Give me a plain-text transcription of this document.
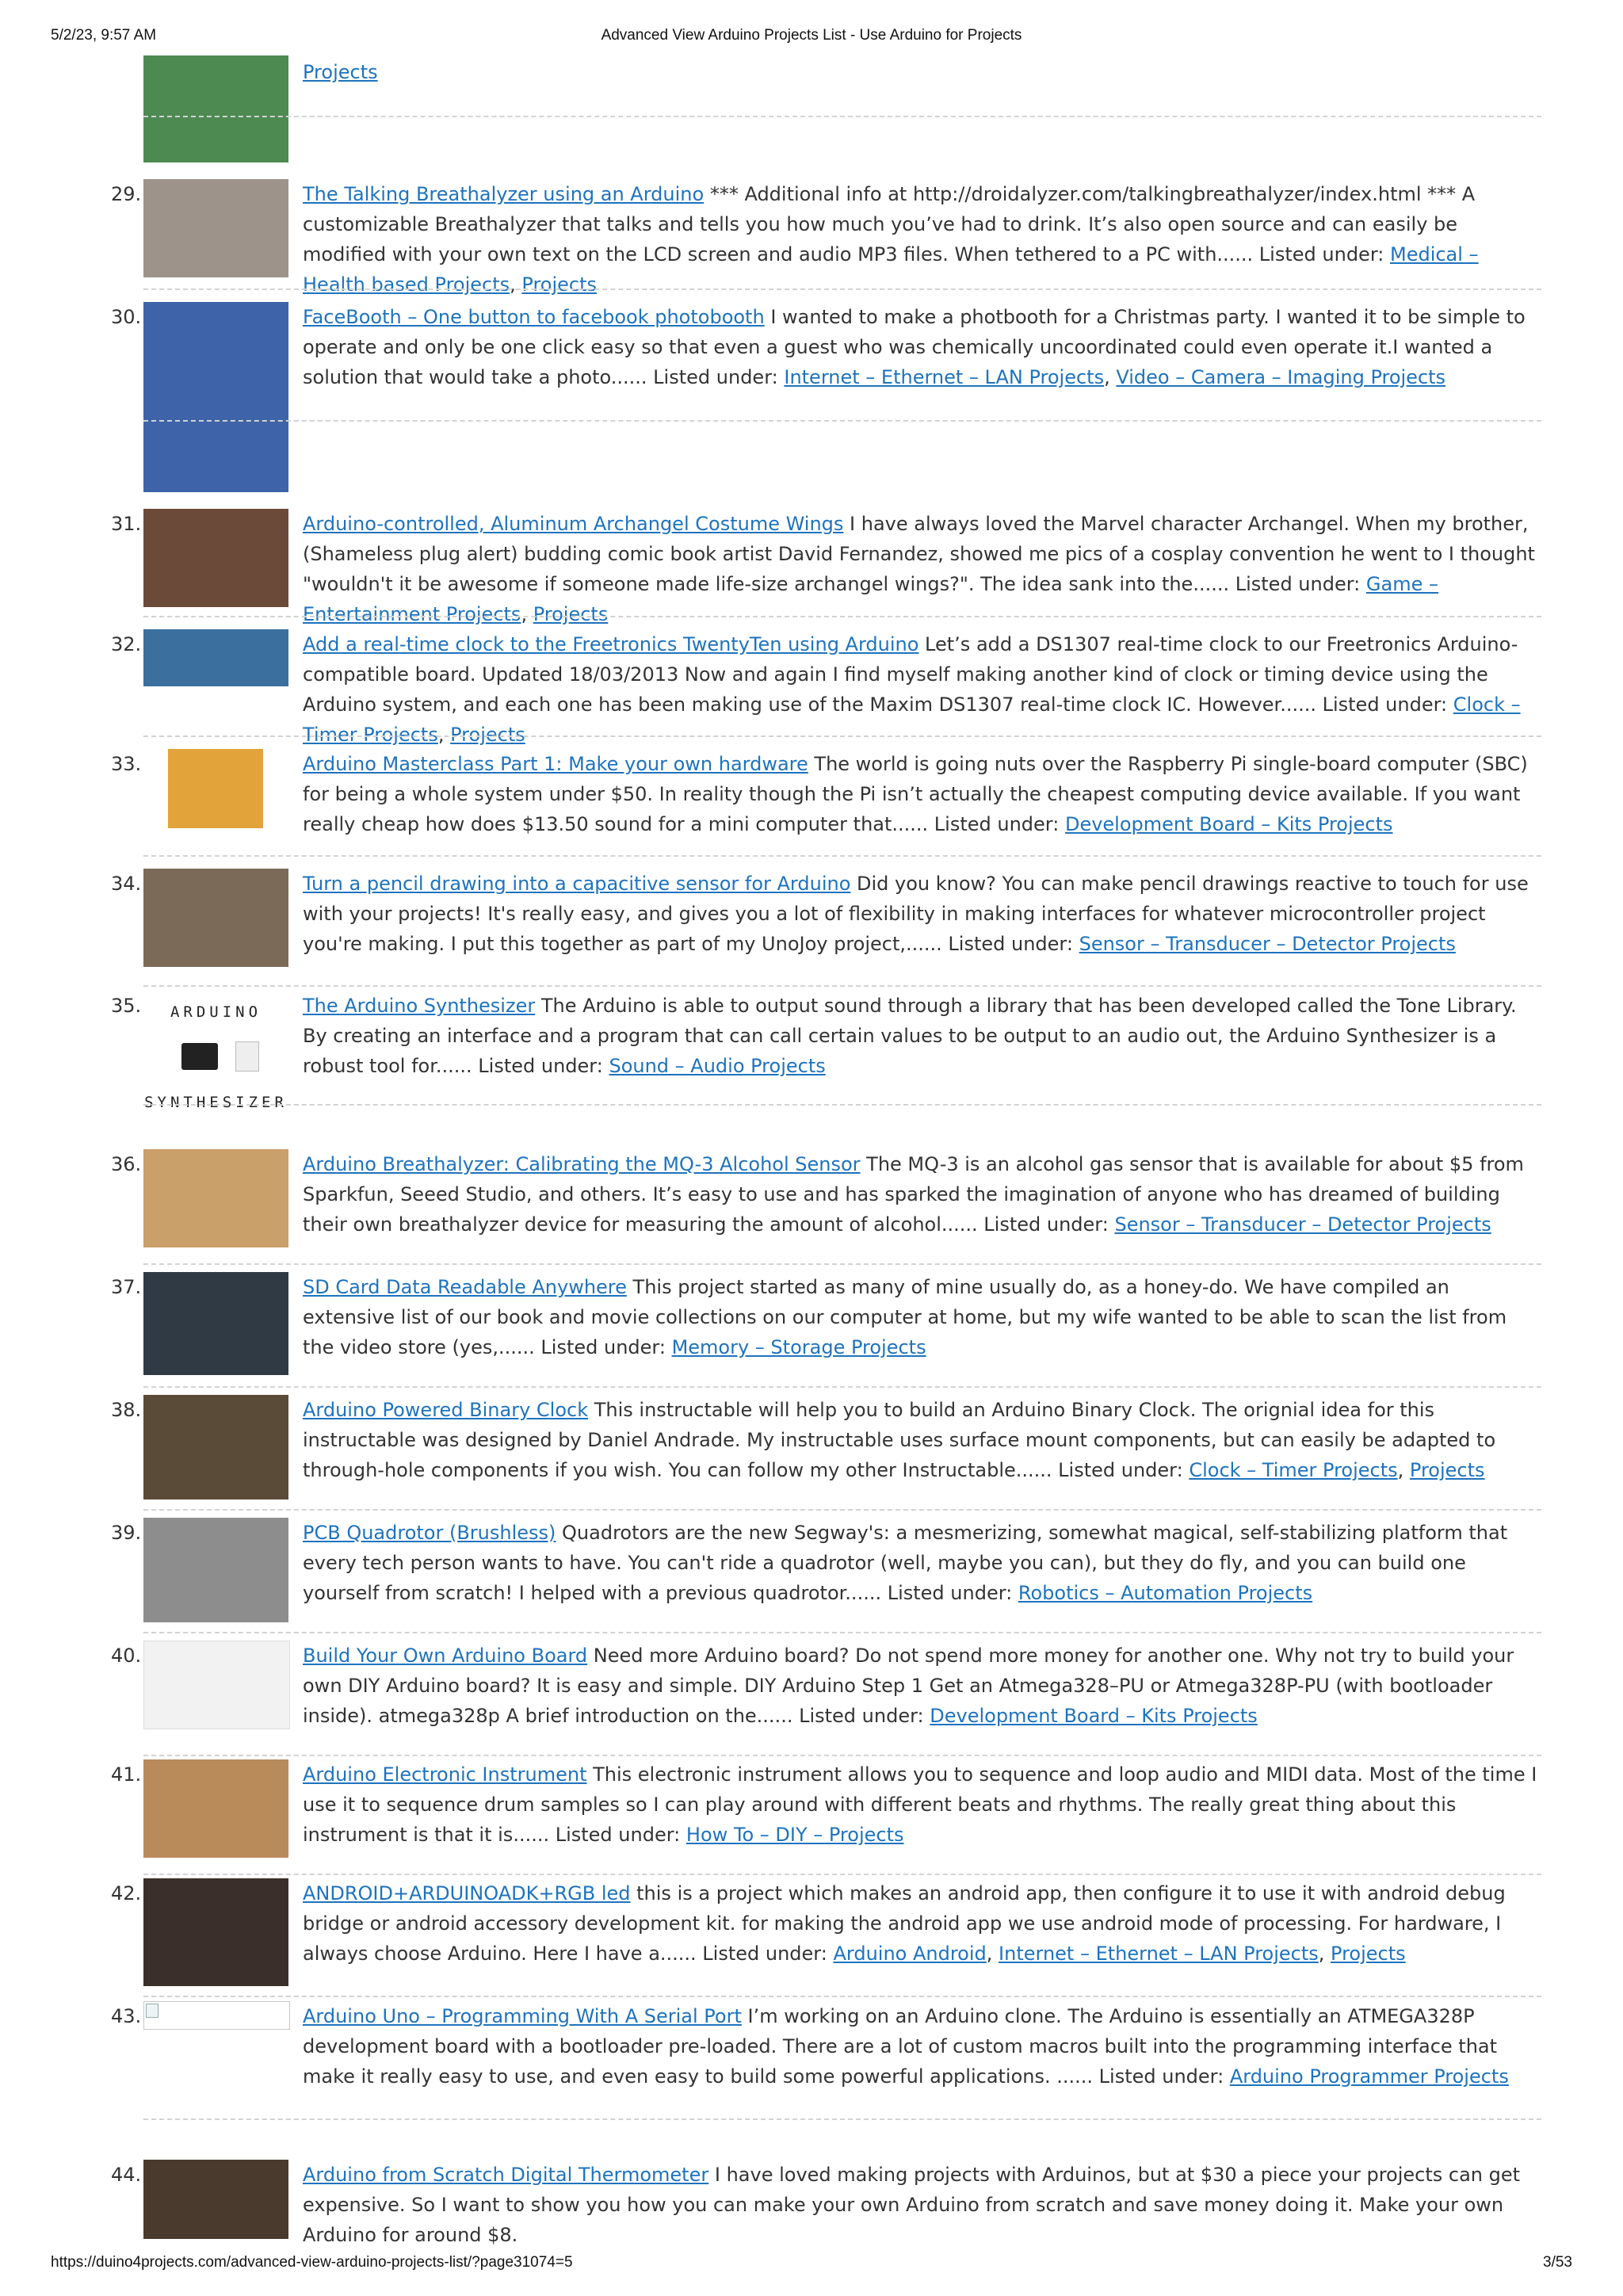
5/2/23, 9:57 AM	Advanced View Arduino Projects List - Use Arduino for Projects
Projects
29.	The Talking Breathalyzer using an Arduino *** Additional info at http://droidalyzer.com/talkingbreathalyzer/index.html *** A customizable Breathalyzer that talks and tells you how much you’ve had to drink. It’s also open source and can easily be modified with your own text on the LCD screen and audio MP3 files. When tethered to a PC with...... Listed under: Medical – Health based Projects, Projects
30.	FaceBooth – One button to facebook photobooth I wanted to make a photbooth for a Christmas party. I wanted it to be simple to operate and only be one click easy so that even a guest who was chemically uncoordinated could even operate it.I wanted a solution that would take a photo...... Listed under: Internet – Ethernet – LAN Projects, Video – Camera – Imaging Projects
31.	Arduino-controlled, Aluminum Archangel Costume Wings I have always loved the Marvel character Archangel. When my brother, (Shameless plug alert) budding comic book artist David Fernandez, showed me pics of a cosplay convention he went to I thought "wouldn't it be awesome if someone made life-size archangel wings?". The idea sank into the...... Listed under: Game – Entertainment Projects, Projects
32.	Add a real-time clock to the Freetronics TwentyTen using Arduino Let’s add a DS1307 real-time clock to our Freetronics Arduino-compatible board. Updated 18/03/2013 Now and again I find myself making another kind of clock or timing device using the Arduino system, and each one has been making use of the Maxim DS1307 real-time clock IC. However...... Listed under: Clock – Timer Projects, Projects
33.	Arduino Masterclass Part 1: Make your own hardware The world is going nuts over the Raspberry Pi single-board computer (SBC) for being a whole system under $50. In reality though the Pi isn’t actually the cheapest computing device available. If you want really cheap how does $13.50 sound for a mini computer that...... Listed under: Development Board – Kits Projects
34.	Turn a pencil drawing into a capacitive sensor for Arduino Did you know? You can make pencil drawings reactive to touch for use with your projects! It's really easy, and gives you a lot of flexibility in making interfaces for whatever microcontroller project you're making. I put this together as part of my UnoJoy project,...... Listed under: Sensor – Transducer – Detector Projects
35.	ARDUINO
SYNTHESIZER
The Arduino Synthesizer The Arduino is able to output sound through a library that has been developed called the Tone Library. By creating an interface and a program that can call certain values to be output to an audio out, the Arduino Synthesizer is a robust tool for...... Listed under: Sound – Audio Projects
36.	Arduino Breathalyzer: Calibrating the MQ-3 Alcohol Sensor The MQ-3 is an alcohol gas sensor that is available for about $5 from Sparkfun, Seeed Studio, and others. It’s easy to use and has sparked the imagination of anyone who has dreamed of building their own breathalyzer device for measuring the amount of alcohol...... Listed under: Sensor – Transducer – Detector Projects
37.	SD Card Data Readable Anywhere This project started as many of mine usually do, as a honey-do. We have compiled an extensive list of our book and movie collections on our computer at home, but my wife wanted to be able to scan the list from the video store (yes,...... Listed under: Memory – Storage Projects
38.	Arduino Powered Binary Clock This instructable will help you to build an Arduino Binary Clock. The orignial idea for this instructable was designed by Daniel Andrade. My instructable uses surface mount components, but can easily be adapted to through-hole components if you wish. You can follow my other Instructable...... Listed under: Clock – Timer Projects, Projects
39.	PCB Quadrotor (Brushless) Quadrotors are the new Segway's: a mesmerizing, somewhat magical, self-stabilizing platform that every tech person wants to have. You can't ride a quadrotor (well, maybe you can), but they do fly, and you can build one yourself from scratch! I helped with a previous quadrotor...... Listed under: Robotics – Automation Projects
40.	Build Your Own Arduino Board Need more Arduino board? Do not spend more money for another one. Why not try to build your own DIY Arduino board? It is easy and simple. DIY Arduino Step 1 Get an Atmega328–PU or Atmega328P-PU (with bootloader inside). atmega328p A brief introduction on the...... Listed under: Development Board – Kits Projects
41.	Arduino Electronic Instrument This electronic instrument allows you to sequence and loop audio and MIDI data. Most of the time I use it to sequence drum samples so I can play around with different beats and rhythms. The really great thing about this instrument is that it is...... Listed under: How To – DIY – Projects
42.	ANDROID+ARDUINOADK+RGB led this is a project which makes an android app, then configure it to use it with android debug bridge or android accessory development kit. for making the android app we use android mode of processing. For hardware, I always choose Arduino. Here I have a...... Listed under: Arduino Android, Internet – Ethernet – LAN Projects, Projects
43.	Arduino Uno – Programming With A Serial Port I’m working on an Arduino clone. The Arduino is essentially an ATMEGA328P development board with a bootloader pre-loaded. There are a lot of custom macros built into the programming interface that make it really easy to use, and even easy to build some powerful applications. ...... Listed under: Arduino Programmer Projects
44.	Arduino from Scratch Digital Thermometer I have loved making projects with Arduinos, but at $30 a piece your projects can get expensive. So I want to show you how you can make your own Arduino from scratch and save money doing it. Make your own Arduino for around $8.
https://duino4projects.com/advanced-view-arduino-projects-list/?page31074=5	3/53
